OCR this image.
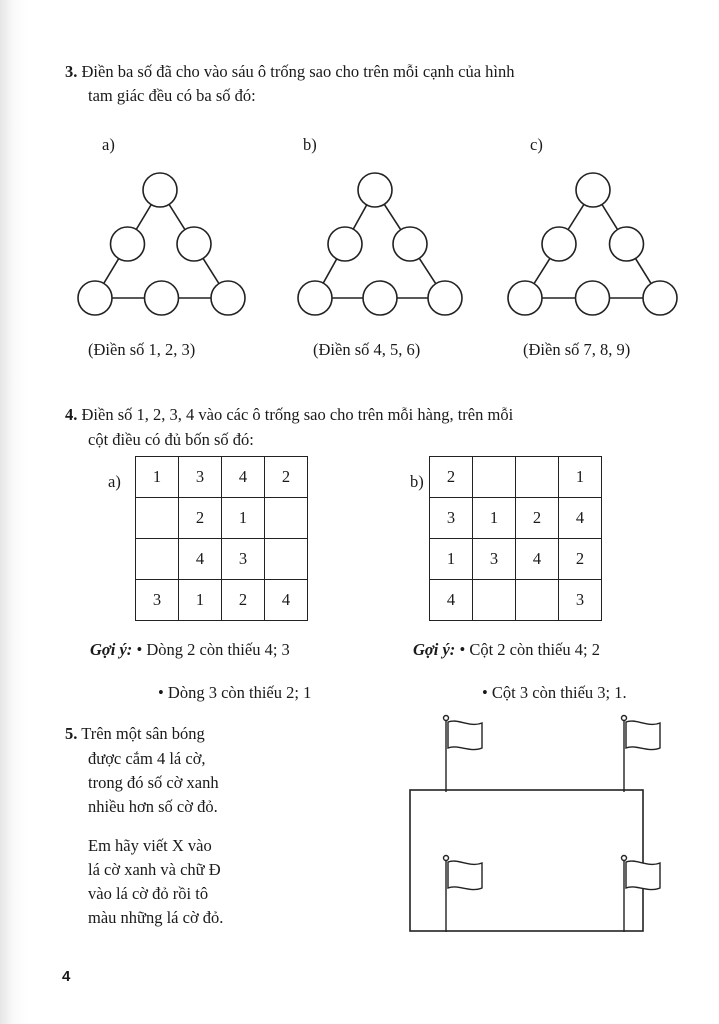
3. Điền ba số đã cho vào sáu ô trống sao cho trên mỗi cạnh của hình
tam giác đều có ba số đó:
a)	b)	c)
(Điền số 1, 2, 3)	(Điền số 4, 5, 6)	(Điền số 7, 8, 9)
4. Điền số 1, 2, 3, 4 vào các ô trống sao cho trên mỗi hàng, trên mỗi
cột điều có đủ bốn số đó:
a)	b)
1	3	4	2
	2	1	
	4	3	
3	1	2	4
2			1
3	1	2	4
1	3	4	2
4			3
Gợi ý: • Dòng 2 còn thiếu 4; 3
• Dòng 3 còn thiếu 2; 1
Gợi ý: • Cột 2 còn thiếu 4; 2
• Cột 3 còn thiếu 3; 1.
5. Trên một sân bóng
được cắm 4 lá cờ,
trong đó số cờ xanh
nhiều hơn số cờ đỏ.
Em hãy viết X vào
lá cờ xanh và chữ Đ
vào lá cờ đỏ rồi tô
màu những lá cờ đỏ.
4
